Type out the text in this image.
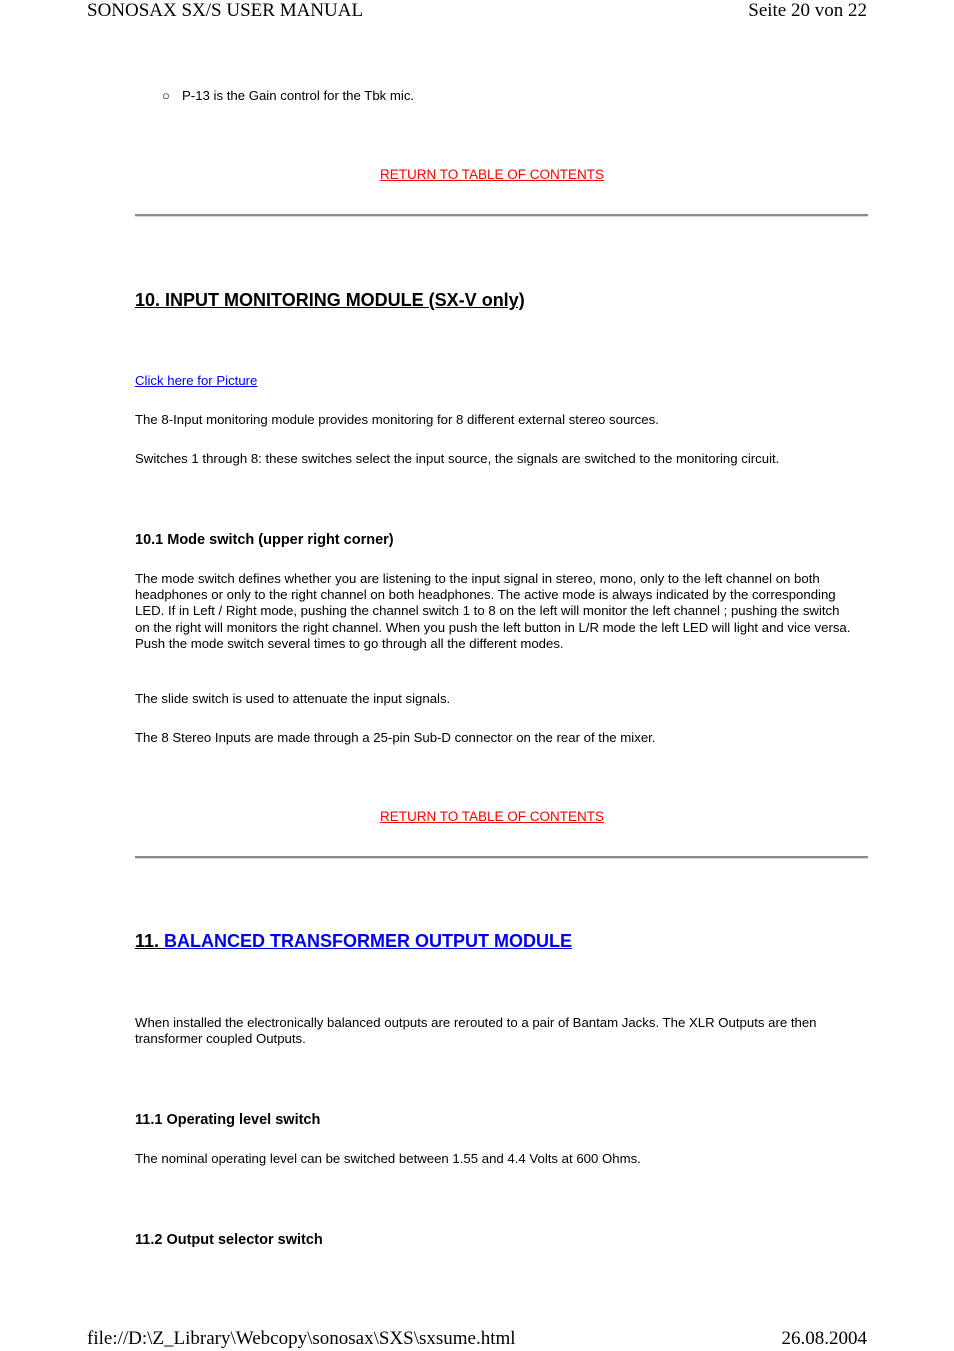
SONOSAX SX/S USER MANUAL	Seite 20 von 22
○ P-13 is the Gain control for the Tbk mic.
RETURN TO TABLE OF CONTENTS
10. INPUT MONITORING MODULE (SX-V only)
Click here for Picture
The 8-Input monitoring module provides monitoring for 8 different external stereo sources.
Switches 1 through 8: these switches select the input source, the signals are switched to the monitoring circuit.
10.1 Mode switch (upper right corner)
The mode switch defines whether you are listening to the input signal in stereo, mono, only to the left channel on both headphones or only to the right channel on both headphones. The active mode is always indicated by the corresponding LED. If in Left / Right mode, pushing the channel switch 1 to 8 on the left will monitor the left channel ; pushing the switch on the right will monitors the right channel. When you push the left button in L/R mode the left LED will light and vice versa. Push the mode switch several times to go through all the different modes.
The slide switch is used to attenuate the input signals.
The 8 Stereo Inputs are made through a 25-pin Sub-D connector on the rear of the mixer.
RETURN TO TABLE OF CONTENTS
11. BALANCED TRANSFORMER OUTPUT MODULE
When installed the electronically balanced outputs are rerouted to a pair of Bantam Jacks. The XLR Outputs are then transformer coupled Outputs.
11.1 Operating level switch
The nominal operating level can be switched between 1.55 and 4.4 Volts at 600 Ohms.
11.2 Output selector switch
file://D:\Z_Library\Webcopy\sonosax\SXS\sxsume.html	26.08.2004
